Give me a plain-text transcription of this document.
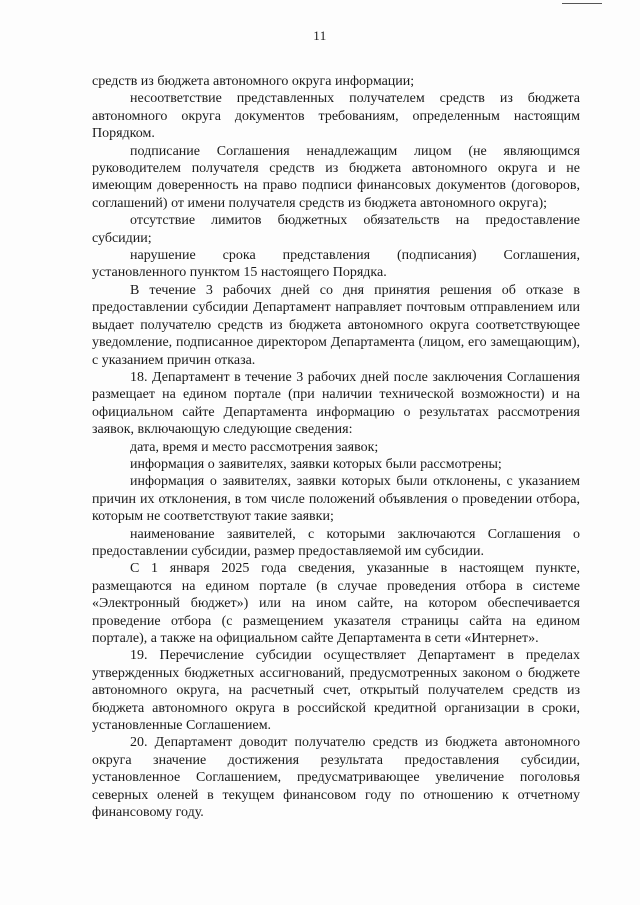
11

средств из бюджета автономного округа информации;

несоответствие представленных получателем средств из бюджета автономного округа документов требованиям, определенным настоящим Порядком.

подписание Соглашения ненадлежащим лицом (не являющимся руководителем получателя средств из бюджета автономного округа и не имеющим доверенность на право подписи финансовых документов (договоров, соглашений) от имени получателя средств из бюджета автономного округа);

отсутствие лимитов бюджетных обязательств на предоставление субсидии;

нарушение срока представления (подписания) Соглашения, установленного пунктом 15 настоящего Порядка.

В течение 3 рабочих дней со дня принятия решения об отказе в предоставлении субсидии Департамент направляет почтовым отправлением или выдает получателю средств из бюджета автономного округа соответствующее уведомление, подписанное директором Департамента (лицом, его замещающим), с указанием причин отказа.

18. Департамент в течение 3 рабочих дней после заключения Соглашения размещает на едином портале (при наличии технической возможности) и на официальном сайте Департамента информацию о результатах рассмотрения заявок, включающую следующие сведения:

дата, время и место рассмотрения заявок;

информация о заявителях, заявки которых были рассмотрены;

информация о заявителях, заявки которых были отклонены, с указанием причин их отклонения, в том числе положений объявления о проведении отбора, которым не соответствуют такие заявки;

наименование заявителей, с которыми заключаются Соглашения о предоставлении субсидии, размер предоставляемой им субсидии.

С 1 января 2025 года сведения, указанные в настоящем пункте, размещаются на едином портале (в случае проведения отбора в системе «Электронный бюджет») или на ином сайте, на котором обеспечивается проведение отбора (с размещением указателя страницы сайта на едином портале), а также на официальном сайте Департамента в сети «Интернет».

19. Перечисление субсидии осуществляет Департамент в пределах утвержденных бюджетных ассигнований, предусмотренных законом о бюджете автономного округа, на расчетный счет, открытый получателем средств из бюджета автономного округа в российской кредитной организации в сроки, установленные Соглашением.

20. Департамент доводит получателю средств из бюджета автономного округа значение достижения результата предоставления субсидии, установленное Соглашением, предусматривающее увеличение поголовья северных оленей в текущем финансовом году по отношению к отчетному финансовому году.
